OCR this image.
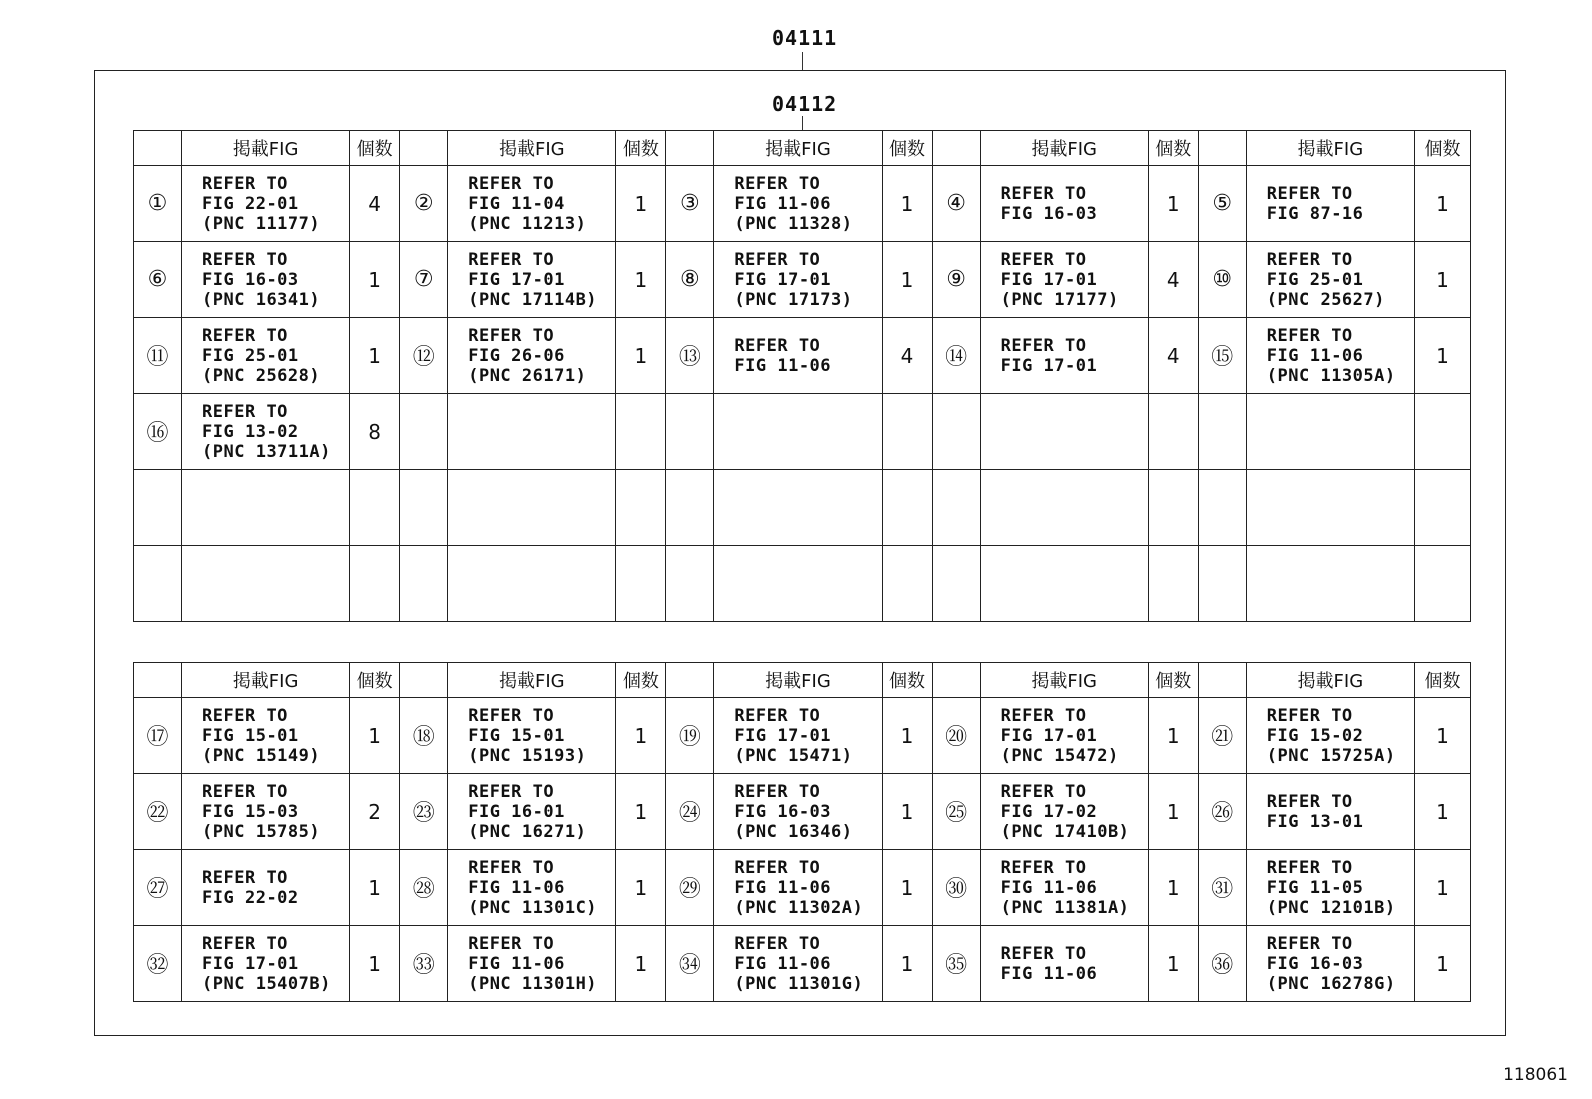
04111
04112
	掲載FIG	個数		掲載FIG	個数		掲載FIG	個数		掲載FIG	個数		掲載FIG	個数
①	REFER TO
FIG 22-01
(PNC 11177)	4	②	REFER TO
FIG 11-04
(PNC 11213)	1	③	REFER TO
FIG 11-06
(PNC 11328)	1	④	REFER TO
FIG 16-03	1	⑤	REFER TO
FIG 87-16	1
⑥	REFER TO
FIG 16-03
(PNC 16341)	1	⑦	REFER TO
FIG 17-01
(PNC 17114B)	1	⑧	REFER TO
FIG 17-01
(PNC 17173)	1	⑨	REFER TO
FIG 17-01
(PNC 17177)	4	⑩	REFER TO
FIG 25-01
(PNC 25627)	1
⑪	REFER TO
FIG 25-01
(PNC 25628)	1	⑫	REFER TO
FIG 26-06
(PNC 26171)	1	⑬	REFER TO
FIG 11-06	4	⑭	REFER TO
FIG 17-01	4	⑮	REFER TO
FIG 11-06
(PNC 11305A)	1
⑯	REFER TO
FIG 13-02
(PNC 13711A)	8												

	掲載FIG	個数		掲載FIG	個数		掲載FIG	個数		掲載FIG	個数		掲載FIG	個数
⑰	REFER TO
FIG 15-01
(PNC 15149)	1	⑱	REFER TO
FIG 15-01
(PNC 15193)	1	⑲	REFER TO
FIG 17-01
(PNC 15471)	1	⑳	REFER TO
FIG 17-01
(PNC 15472)	1	㉑	REFER TO
FIG 15-02
(PNC 15725A)	1
㉒	REFER TO
FIG 15-03
(PNC 15785)	2	㉓	REFER TO
FIG 16-01
(PNC 16271)	1	㉔	REFER TO
FIG 16-03
(PNC 16346)	1	㉕	REFER TO
FIG 17-02
(PNC 17410B)	1	㉖	REFER TO
FIG 13-01	1
㉗	REFER TO
FIG 22-02	1	㉘	REFER TO
FIG 11-06
(PNC 11301C)	1	㉙	REFER TO
FIG 11-06
(PNC 11302A)	1	㉚	REFER TO
FIG 11-06
(PNC 11381A)	1	㉛	REFER TO
FIG 11-05
(PNC 12101B)	1
㉜	REFER TO
FIG 17-01
(PNC 15407B)	1	㉝	REFER TO
FIG 11-06
(PNC 11301H)	1	㉞	REFER TO
FIG 11-06
(PNC 11301G)	1	㉟	REFER TO
FIG 11-06	1	㊱	REFER TO
FIG 16-03
(PNC 16278G)	1
118061
